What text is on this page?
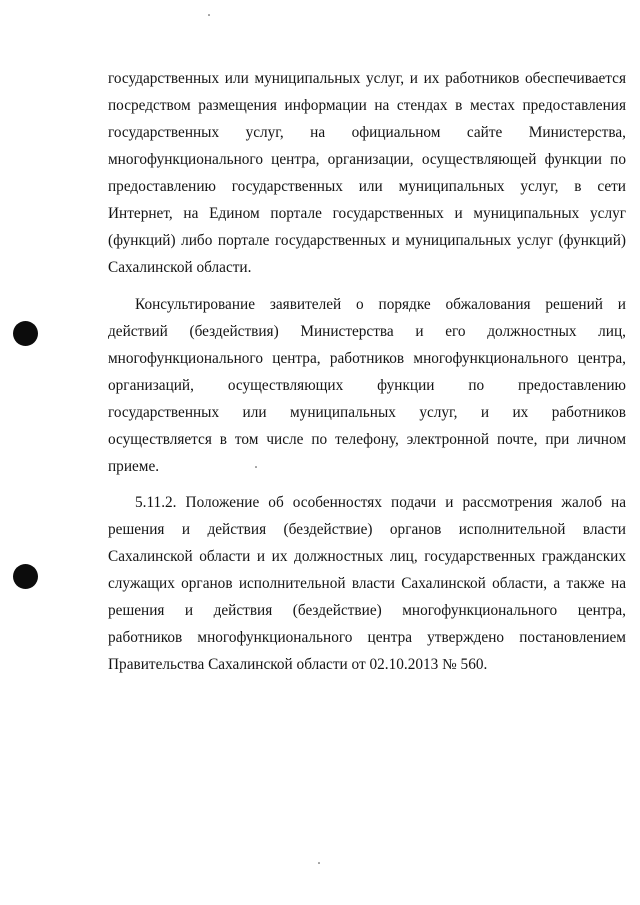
государственных или муниципальных услуг, и их работников обеспечивается
посредством размещения информации на стендах в местах предоставления
государственных услуг, на официальном сайте Министерства,
многофункционального центра, организации, осуществляющей функции по
предоставлению государственных или муниципальных услуг, в сети
Интернет, на Едином портале государственных и муниципальных услуг
(функций) либо портале государственных и муниципальных услуг (функций)
Сахалинской области.
Консультирование заявителей о порядке обжалования решений и
действий (бездействия) Министерства и его должностных лиц,
многофункционального центра, работников многофункционального центра,
организаций, осуществляющих функции по предоставлению
государственных или муниципальных услуг, и их работников
осуществляется в том числе по телефону, электронной почте, при личном
приеме.
5.11.2. Положение об особенностях подачи и рассмотрения жалоб на
решения и действия (бездействие) органов исполнительной власти
Сахалинской области и их должностных лиц, государственных гражданских
служащих органов исполнительной власти Сахалинской области, а также на
решения и действия (бездействие) многофункционального центра,
работников многофункционального центра утверждено постановлением
Правительства Сахалинской области от 02.10.2013 № 560.
